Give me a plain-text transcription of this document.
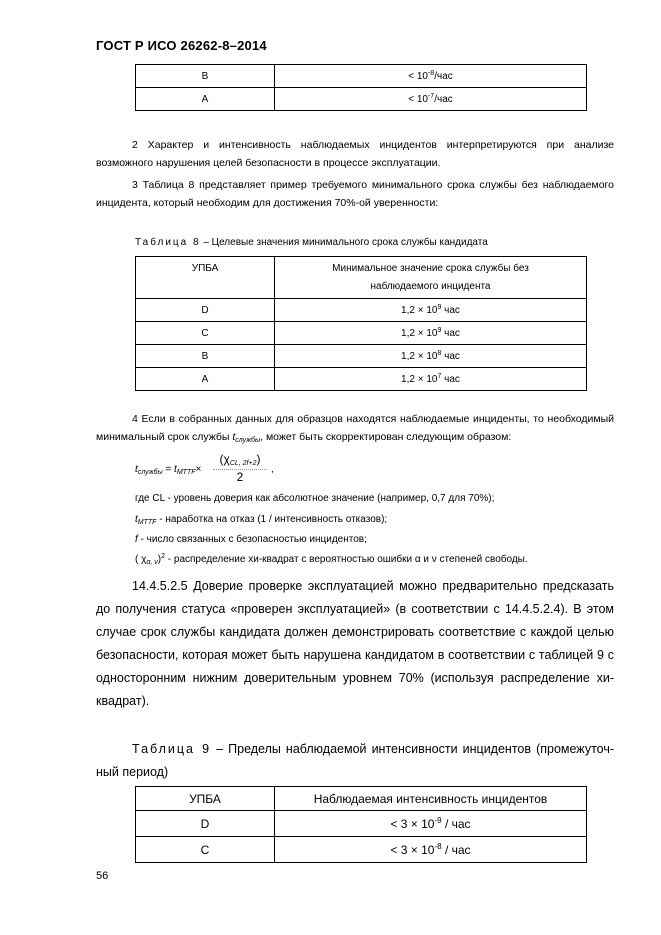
ГОСТ Р ИСО 26262-8–2014
B	< $10^{-8}$/час
A	< $10^{-7}$/час
2 Характер и интенсивность наблюдаемых инцидентов интерпретируются при анализе возможного нарушения целей безопасности в процессе эксплуатации.
3 Таблица 8 представляет пример требуемого минимального срока службы без наблюдаемого инцидента, который необходим для достижения 70%-ой уверенности:
Таблица 8 – Целевые значения минимального срока службы кандидата
УПБА	Минимальное значение срока службы без наблюдаемого инцидента
D	$1,2 \times 10^9$ час
C	$1,2 \times 10^9$ час
B	$1,2 \times 10^8$ час
A	$1,2 \times 10^7$ час
4 Если в собранных данных для образцов находятся наблюдаемые инциденты, то необходимый минимальный срок службы $t_{службы}$, может быть скорректирован следующим образом:
$t_{службы} = t_{MTTF}\times$
$(\chi_{CL, 2f+2})$
2
,
где CL - уровень доверия как абсолютное значение (например, 0,7 для 70%);
$t_{MTTF}$ - наработка на отказ (1 / интенсивность отказов);
f - число связанных с безопасностью инцидентов;
( $\chi_{\alpha, \nu})^2$ - распределение хи-квадрат с вероятностью ошибки α и ν степеней свободы.
14.4.5.2.5 Доверие проверке эксплуатацией можно предварительно предсказать до получения статуса «проверен эксплуатацией» (в соответствии с 14.4.5.2.4). В этом случае срок службы кандидата должен демонстрировать соответствие с каждой целью безопасности, которая может быть нарушена кандидатом в соответствии с таблицей 9 с односторонним нижним доверительным уровнем 70% (используя распределение хи-квадрат).
Таблица 9 – Пределы наблюдаемой интенсивности инцидентов (промежуточ-ный период)
УПБА	Наблюдаемая интенсивность инцидентов
D	< $3 \times 10^{-9}$ / час
C	< $3 \times 10^{-8}$ / час
56
